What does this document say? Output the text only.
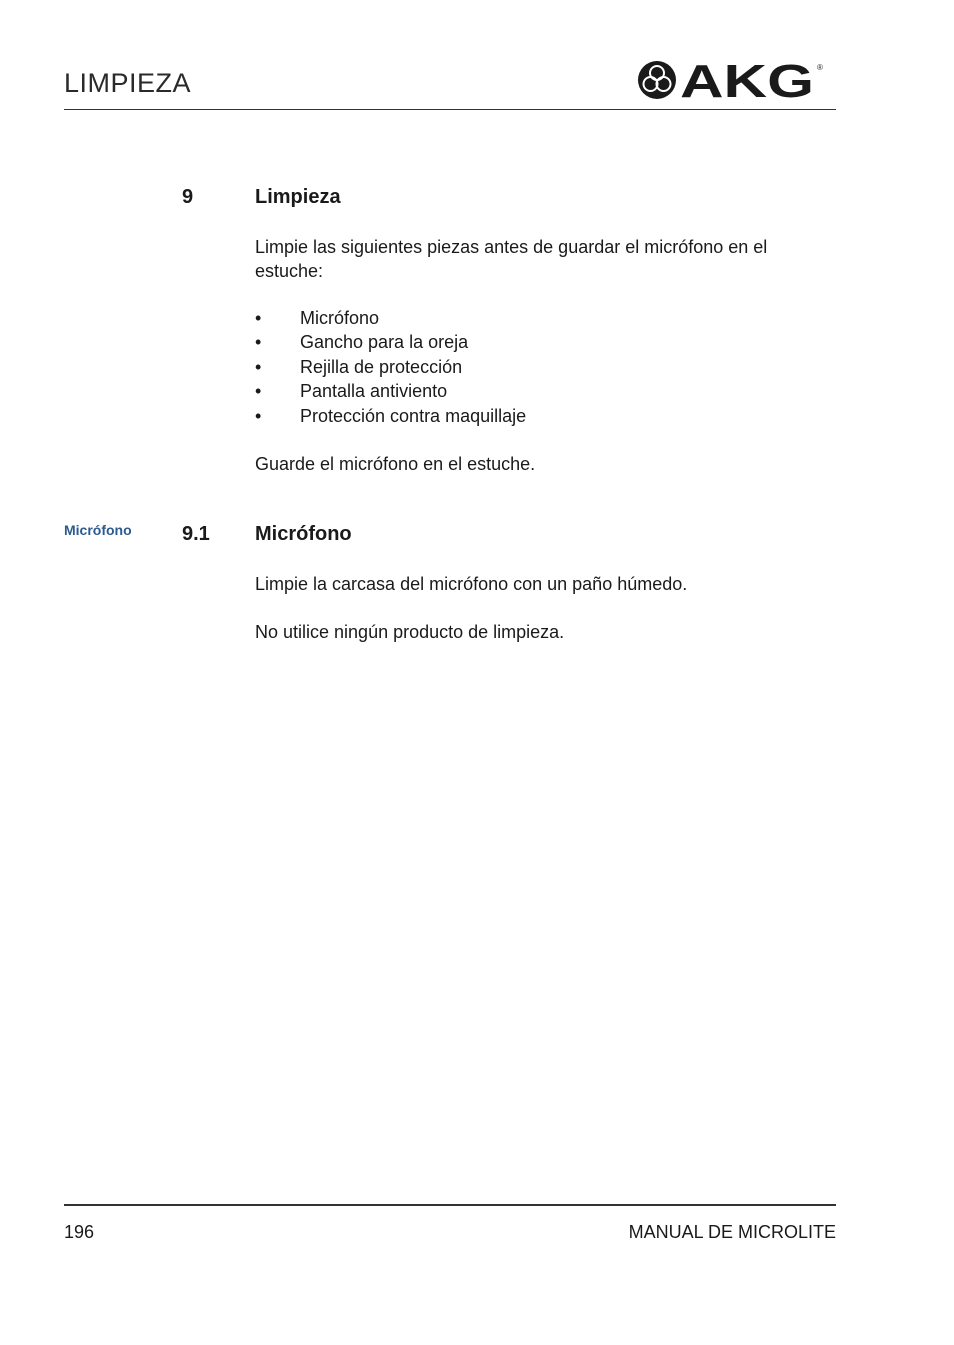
LIMPIEZA	AKG ®
9	Limpieza
Limpie las siguientes piezas antes de guardar el micrófono en el estuche:
• Micrófono
• Gancho para la oreja
• Rejilla de protección
• Pantalla antiviento
• Protección contra maquillaje
Guarde el micrófono en el estuche.
Micrófono	9.1 Micrófono
Limpie la carcasa del micrófono con un paño húmedo.
No utilice ningún producto de limpieza.
196	MANUAL DE MICROLITE
